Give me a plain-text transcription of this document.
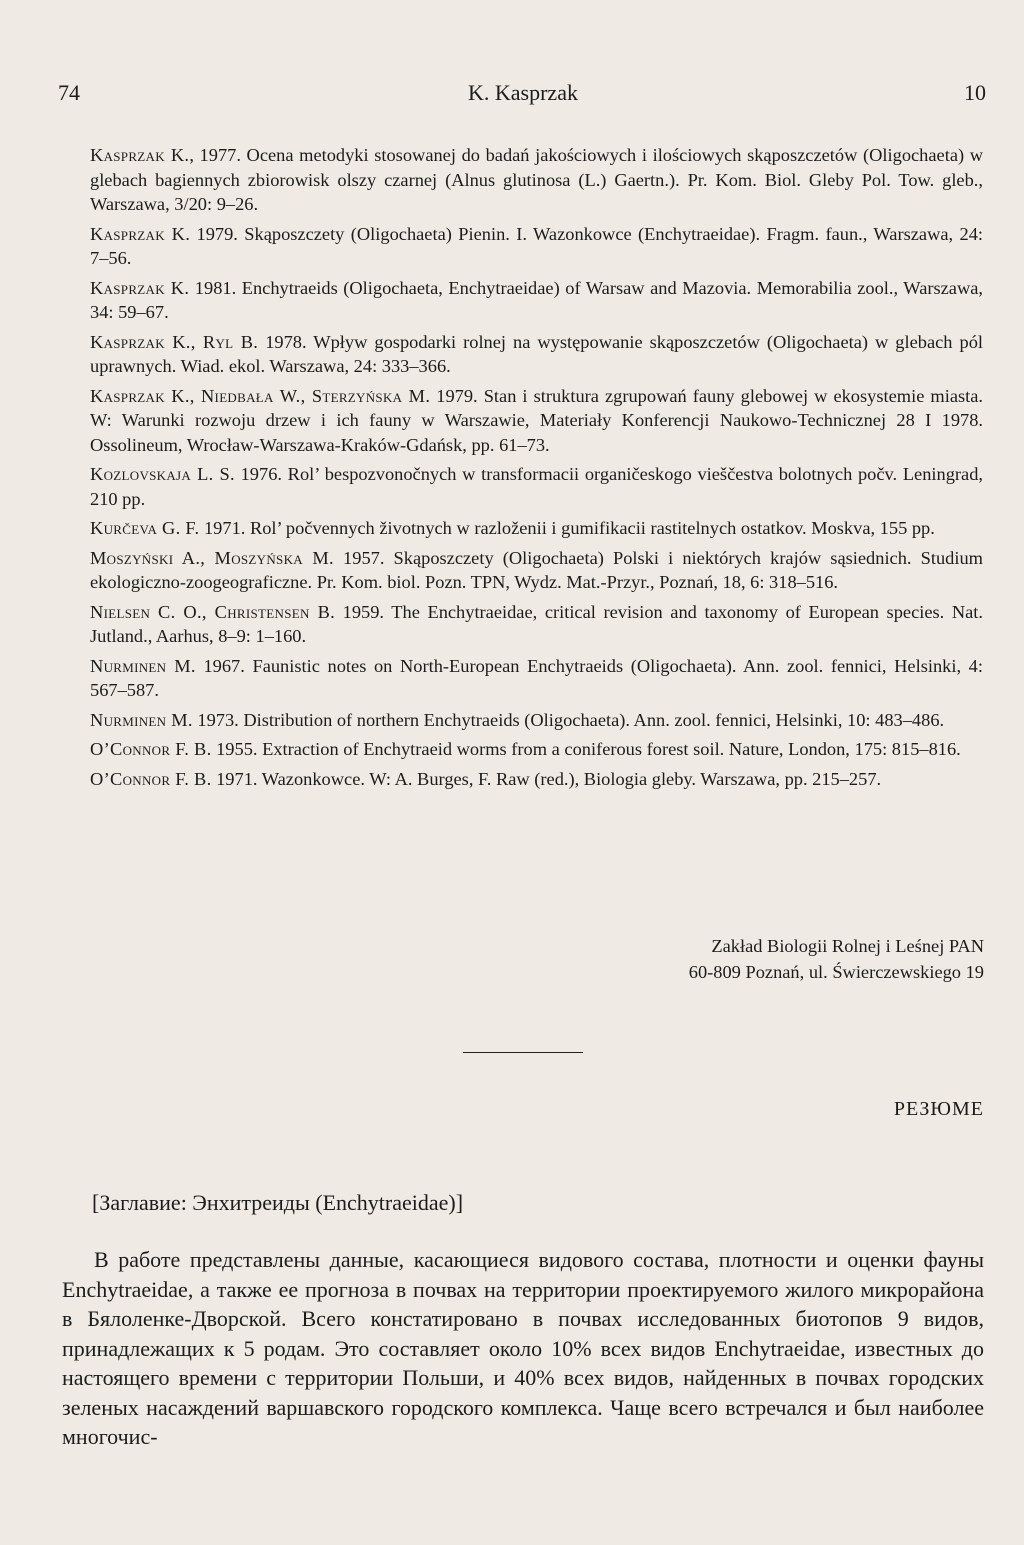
74	K. Kasprzak	10

Kasprzak K., 1977. Ocena metodyki stosowanej do badań jakościowych i ilościowych skąposzczetów (Oligochaeta) w glebach bagiennych zbiorowisk olszy czarnej (Alnus glutinosa (L.) Gaertn.). Pr. Kom. Biol. Gleby Pol. Tow. gleb., Warszawa, 3/20: 9–26.

Kasprzak K. 1979. Skąposzczety (Oligochaeta) Pienin. I. Wazonkowce (Enchytraeidae). Fragm. faun., Warszawa, 24: 7–56.

Kasprzak K. 1981. Enchytraeids (Oligochaeta, Enchytraeidae) of Warsaw and Mazovia. Memorabilia zool., Warszawa, 34: 59–67.

Kasprzak K., Ryl B. 1978. Wpływ gospodarki rolnej na występowanie skąposzczetów (Oligochaeta) w glebach pól uprawnych. Wiad. ekol. Warszawa, 24: 333–366.

Kasprzak K., Niedbała W., Sterzyńska M. 1979. Stan i struktura zgrupowań fauny glebowej w ekosystemie miasta. W: Warunki rozwoju drzew i ich fauny w Warszawie, Materiały Konferencji Naukowo-Technicznej 28 I 1978. Ossolineum, Wrocław-Warszawa-Kraków-Gdańsk, pp. 61–73.

Kozlovskaja L. S. 1976. Rol’ bespozvonočnych w transformacii organičeskogo vieščestva bolotnych počv. Leningrad, 210 pp.

Kurčeva G. F. 1971. Rol’ počvennych životnych w razloženii i gumifikacii rastitelnych ostatkov. Moskva, 155 pp.

Moszyński A., Moszyńska M. 1957. Skąposzczety (Oligochaeta) Polski i niektórych krajów sąsiednich. Studium ekologiczno-zoogeograficzne. Pr. Kom. biol. Pozn. TPN, Wydz. Mat.-Przyr., Poznań, 18, 6: 318–516.

Nielsen C. O., Christensen B. 1959. The Enchytraeidae, critical revision and taxonomy of European species. Nat. Jutland., Aarhus, 8–9: 1–160.

Nurminen M. 1967. Faunistic notes on North-European Enchytraeids (Oligochaeta). Ann. zool. fennici, Helsinki, 4: 567–587.

Nurminen M. 1973. Distribution of northern Enchytraeids (Oligochaeta). Ann. zool. fennici, Helsinki, 10: 483–486.

O’Connor F. B. 1955. Extraction of Enchytraeid worms from a coniferous forest soil. Nature, London, 175: 815–816.

O’Connor F. B. 1971. Wazonkowce. W: A. Burges, F. Raw (red.), Biologia gleby. Warszawa, pp. 215–257.

Zakład Biologii Rolnej i Leśnej PAN
60-809 Poznań, ul. Świerczewskiego 19
РЕЗЮМЕ
[Заглавие: Энхитреиды (Enchytraeidae)]
В работе представлены данные, касающиеся видового состава, плотности и оценки фауны Enchytraeidae, а также ее прогноза в почвах на территории проектируемого жилого микрорайона в Бялоленке-Дворской. Всего констатировано в почвах исследованных биотопов 9 видов, принадлежащих к 5 родам. Это составляет около 10% всех видов Enchytraeidae, известных до настоящего времени с территории Польши, и 40% всех видов, найденных в почвах городских зеленых насаждений варшавского городского комплекса. Чаще всего встречался и был наиболее многочис-
